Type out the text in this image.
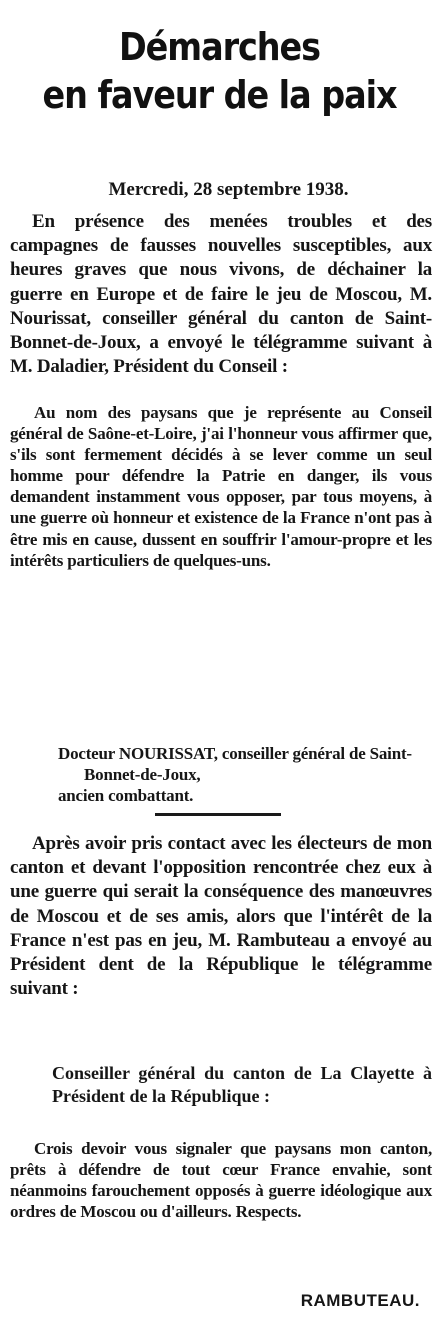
Démarches
en faveur de la paix

Mercredi, 28 septembre 1938.

En présence des menées troubles et des campagnes de fausses nouvelles susceptibles, aux heures graves que nous vivons, de déchainer la guerre en Europe et de faire le jeu de Moscou, M. Nourissat, conseiller général du canton de Saint-Bonnet-de-Joux, a envoyé le télégramme suivant à M. Daladier, Président du Conseil :

Au nom des paysans que je représente au Conseil général de Saône-et-Loire, j'ai l'honneur vous affirmer que, s'ils sont fermement décidés à se lever comme un seul homme pour défendre la Patrie en danger, ils vous demandent instamment vous opposer, par tous moyens, à une guerre où honneur et existence de la France n'ont pas à être mis en cause, dussent en souffrir l'amour-propre et les intérêts particuliers de quelques-uns.

Docteur NOURISSAT, conseiller général de Saint-Bonnet-de-Joux,
ancien combattant.

Après avoir pris contact avec les électeurs de mon canton et devant l'opposition rencontrée chez eux à une guerre qui serait la conséquence des manœuvres de Moscou et de ses amis, alors que l'intérêt de la France n'est pas en jeu, M. Rambuteau a envoyé au Président dent de la République le télégramme suivant :

Conseiller général du canton de La Clayette à Président de la République :

Crois devoir vous signaler que paysans mon canton, prêts à défendre de tout cœur France envahie, sont néanmoins farouchement opposés à guerre idéologique aux ordres de Moscou ou d'ailleurs. Respects.

RAMBUTEAU.
